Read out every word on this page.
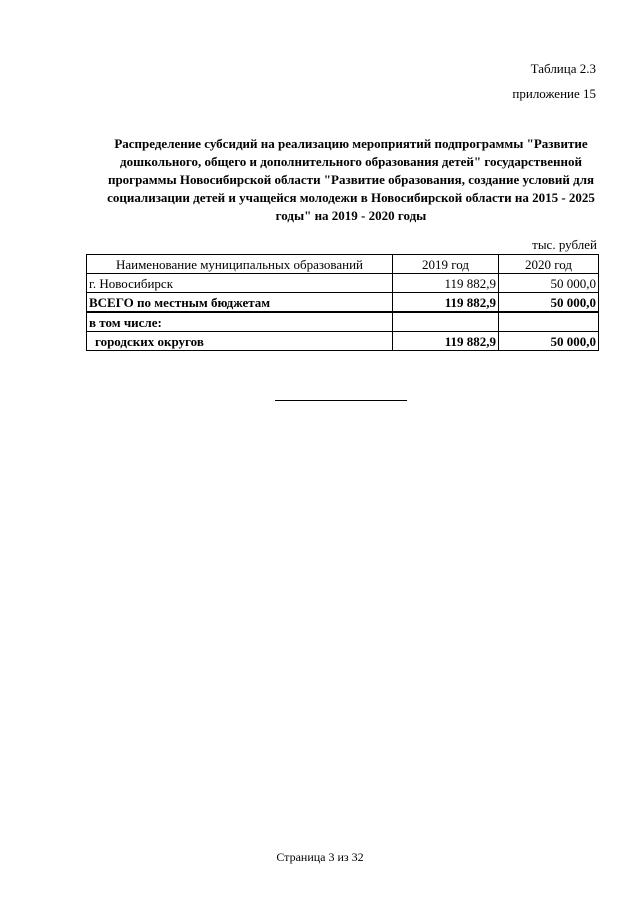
Таблица 2.3
приложение 15
Распределение субсидий на реализацию мероприятий подпрограммы "Развитие дошкольного, общего и дополнительного образования детей" государственной программы Новосибирской области "Развитие образования, создание условий для социализации детей и учащейся молодежи в Новосибирской области на 2015 - 2025 годы" на 2019 - 2020 годы
тыс. рублей
Наименование муниципальных образований	2019 год	2020 год
г. Новосибирск	119 882,9	50 000,0
ВСЕГО по местным бюджетам	119 882,9	50 000,0
в том числе:		
городских округов	119 882,9	50 000,0
Страница 3 из 32
